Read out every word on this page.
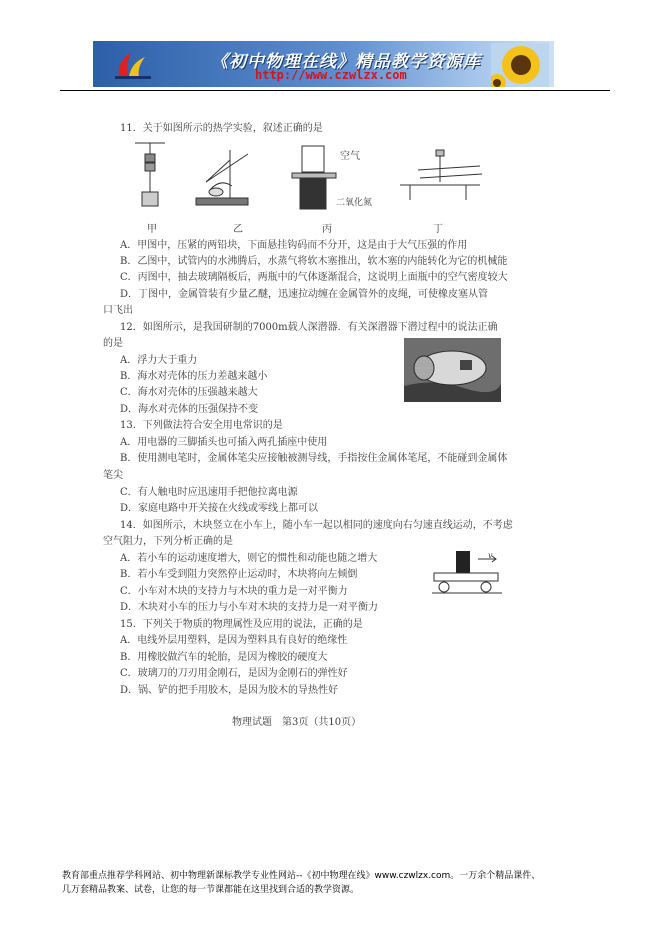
《初中物理在线》精品教学资源库
http://www.czwlzx.com
11．关于如图所示的热学实验，叙述正确的是
空气
二氧化氮
甲	乙	丙	丁
A．甲图中，压紧的两铅块，下面悬挂钩码而不分开，这是由于大气压强的作用
B．乙图中，试管内的水沸腾后，水蒸气将软木塞推出，软木塞的内能转化为它的机械能
C．丙图中，抽去玻璃隔板后，两瓶中的气体逐渐混合，这说明上面瓶中的空气密度较大
D．丁图中，金属管装有少量乙醚，迅速拉动缠在金属管外的皮绳，可使橡皮塞从管
口飞出
12．如图所示，是我国研制的7000m载人深潜器．有关深潜器下潜过程中的说法正确
的是
A．浮力大于重力
B．海水对壳体的压力差越来越小
C．海水对壳体的压强越来越大
D．海水对壳体的压强保持不变
13．下列做法符合安全用电常识的是
A．用电器的三脚插头也可插入两孔插座中使用
B．使用测电笔时，金属体笔尖应接触被测导线，手指按住金属体笔尾，不能碰到金属体
笔尖
C．有人触电时应迅速用手把他拉离电源
D．家庭电路中开关接在火线或零线上都可以
14．如图所示，木块竖立在小车上，随小车一起以相同的速度向右匀速直线运动，不考虑
空气阻力，下列分析正确的是
A．若小车的运动速度增大，则它的惯性和动能也随之增大
B．若小车受到阻力突然停止运动时，木块将向左倾倒
C．小车对木块的支持力与木块的重力是一对平衡力
D．木块对小车的压力与小车对木块的支持力是一对平衡力
v
15．下列关于物质的物理属性及应用的说法，正确的是
A．电线外层用塑料，是因为塑料具有良好的绝缘性
B．用橡胶做汽车的轮胎，是因为橡胶的硬度大
C．玻璃刀的刀刃用金刚石，是因为金刚石的弹性好
D．锅、铲的把手用胶木，是因为胶木的导热性好
物理试题　第3页（共10页）
教育部重点推荐学科网站、初中物理新课标教学专业性网站--《初中物理在线》www.czwlzx.com。一万余个精品课件、
几万套精品教案、试卷，让您的每一节课都能在这里找到合适的教学资源。
